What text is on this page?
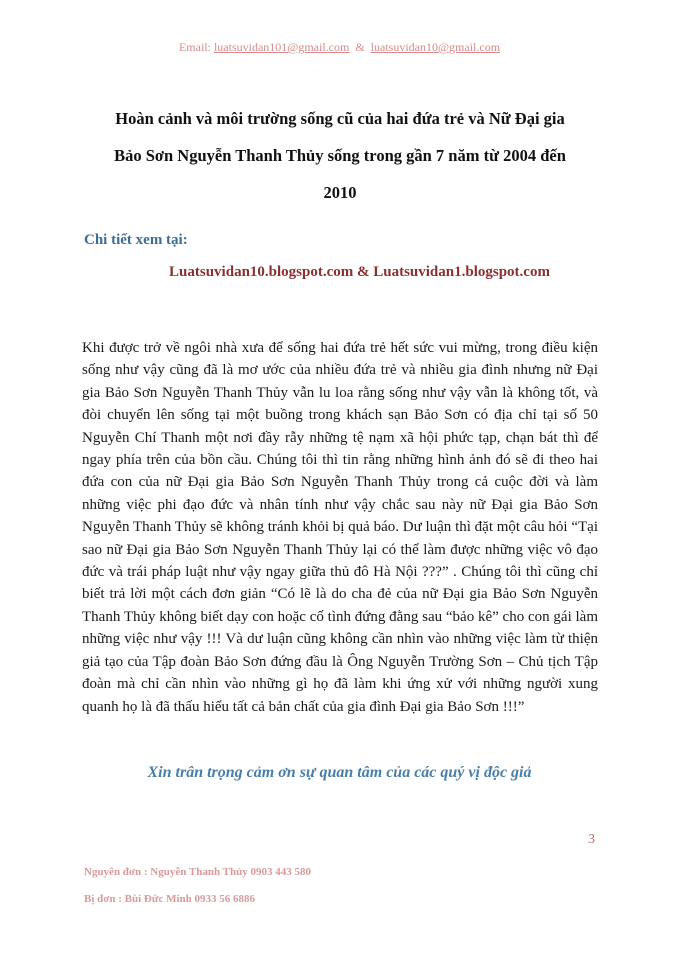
Email: luatsuvidan101@gmail.com & luatsuvidan10@gmail.com
Hoàn cảnh và môi trường sống cũ của hai đứa trẻ và Nữ Đại gia
Bảo Sơn Nguyễn Thanh Thủy sống trong gần 7 năm từ 2004 đến
2010
Chi tiết xem tại:
Luatsuvidan10.blogspot.com & Luatsuvidan1.blogspot.com
Khi được trở về ngôi nhà xưa để sống hai đứa trẻ hết sức vui mừng, trong điều kiện sống như vậy cũng đã là mơ ước của nhiều đứa trẻ và nhiều gia đình nhưng nữ Đại gia Bảo Sơn Nguyễn Thanh Thủy vẫn lu loa rằng sống như vậy vẫn là không tốt, và đòi chuyển lên sống tại một buồng trong khách sạn Bảo Sơn có địa chỉ tại số 50 Nguyễn Chí Thanh một nơi đầy rẫy những tệ nạm xã hội phức tạp, chạn bát thì để ngay phía trên của bồn cầu. Chúng tôi thì tin rằng những hình ảnh đó sẽ đi theo hai đứa con của nữ Đại gia Bảo Sơn Nguyễn Thanh Thủy trong cả cuộc đời và làm những việc phi đạo đức và nhân tính như vậy chắc sau này nữ Đại gia Bảo Sơn Nguyễn Thanh Thủy sẽ không tránh khỏi bị quả báo. Dư luận thì đặt một câu hỏi “Tại sao nữ Đại gia Bảo Sơn Nguyễn Thanh Thủy lại có thể làm được những việc vô đạo đức và trái pháp luật như vậy ngay giữa thủ đô Hà Nội ???” . Chúng tôi thì cũng chỉ biết trả lời một cách đơn giản “Có lẽ là do cha đẻ của nữ Đại gia Bảo Sơn Nguyễn Thanh Thủy không biết dạy con hoặc cố tình đứng đằng sau “bảo kê” cho con gái làm những việc như vậy !!! Và dư luận cũng không cần nhìn vào những việc làm từ thiện giả tạo của Tập đoàn Bảo Sơn đứng đầu là Ông Nguyễn Trường Sơn – Chủ tịch Tập đoàn mà chỉ cần nhìn vào những gì họ đã làm khi ứng xử với những người xung quanh họ là đã thấu hiểu tất cả bản chất của gia đình Đại gia Bảo Sơn !!!”
Xin trân trọng cảm ơn sự quan tâm của các quý vị độc giả
3
Nguyên đơn : Nguyễn Thanh Thủy 0903 443 580
Bị đơn : Bùi Đức Minh 0933 56 6886
